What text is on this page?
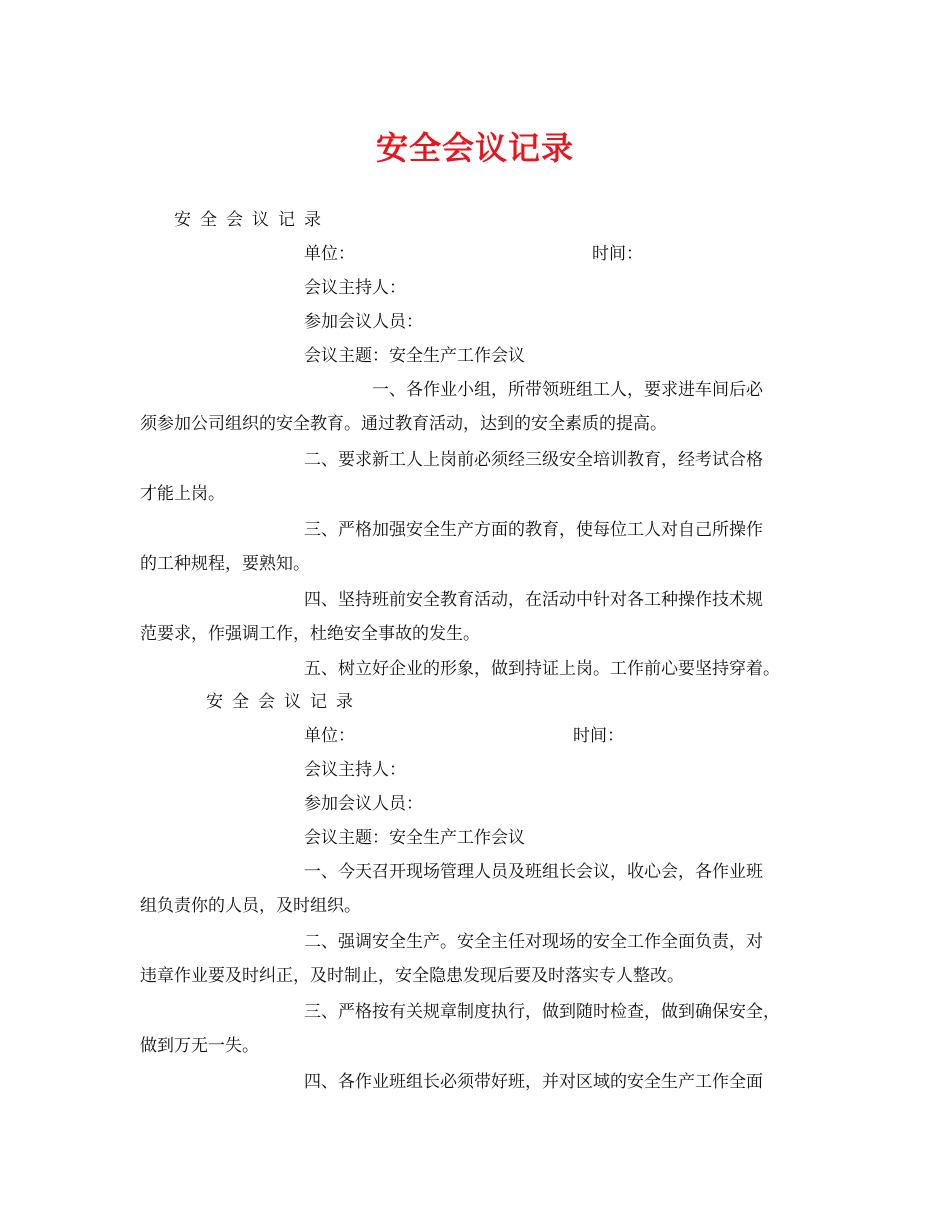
安全会议记录
安全会议记录
单位：	时间：
会议主持人：
参加会议人员：
会议主题：安全生产工作会议
一、各作业小组，所带领班组工人，要求进车间后必
须参加公司组织的安全教育。通过教育活动，达到的安全素质的提高。
二、要求新工人上岗前必须经三级安全培训教育，经考试合格
才能上岗。
三、严格加强安全生产方面的教育，使每位工人对自己所操作
的工种规程，要熟知。
四、坚持班前安全教育活动，在活动中针对各工种操作技术规
范要求，作强调工作，杜绝安全事故的发生。
五、树立好企业的形象，做到持证上岗。工作前心要坚持穿着。
安全会议记录
单位：	时间：
会议主持人：
参加会议人员：
会议主题：安全生产工作会议
一、今天召开现场管理人员及班组长会议，收心会，各作业班
组负责你的人员，及时组织。
二、强调安全生产。安全主任对现场的安全工作全面负责，对
违章作业要及时纠正，及时制止，安全隐患发现后要及时落实专人整改。
三、严格按有关规章制度执行，做到随时检查，做到确保安全，
做到万无一失。
四、各作业班组长必须带好班，并对区域的安全生产工作全面
